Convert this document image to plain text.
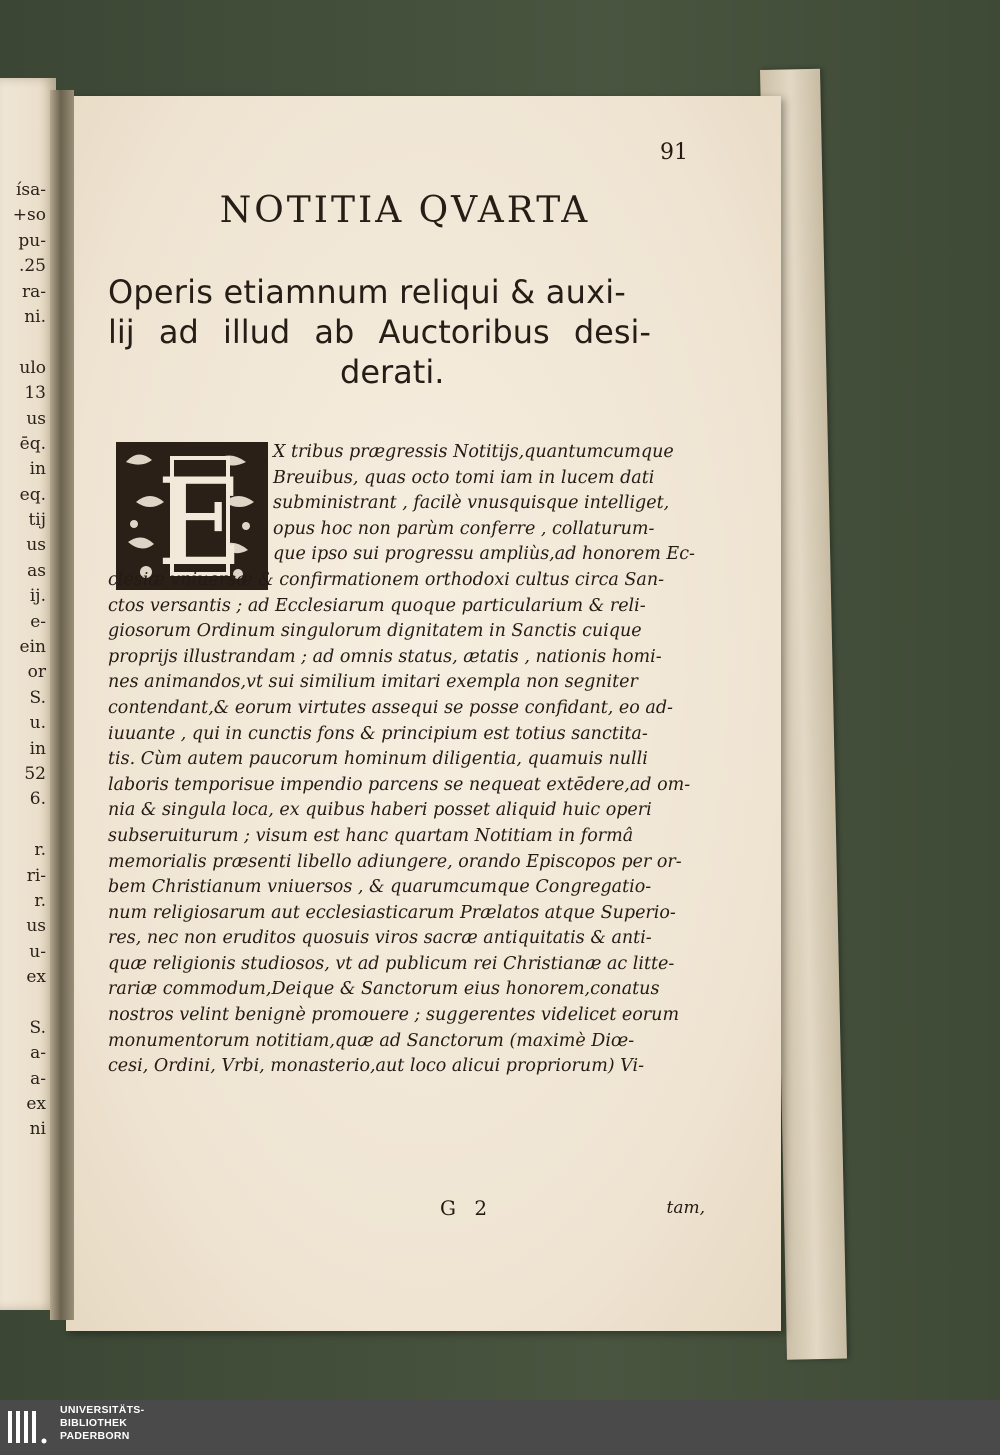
ísa-
+so
pu-
.25
ra-
ni.
ulo
13
us
ēq.
in
eq.
tij
us
as
ij.
e-
ein
or
S.
u.
in
52
6.
r.
ri-
r.
us
u-
ex
S.
a-
a-
ex
ni
91
NOTITIA QVARTA
Operis etiamnum reliqui & auxi-
lij ad illud ab Auctoribus desi-
derati.
E
X tribus prægressis Notitijs,quantumcumque
Breuibus, quas octo tomi iam in lucem dati
subministrant , facilè vnusquisque intelliget,
opus hoc non parùm conferre , collaturum-
que ipso sui progressu ampliùs,ad honorem Ec-
clesiæ vniuersæ & confirmationem orthodoxi cultus circa San-
ctos versantis ; ad Ecclesiarum quoque particularium & reli-
giosorum Ordinum singulorum dignitatem in Sanctis cuique
proprijs illustrandam ; ad omnis status, ætatis , nationis homi-
nes animandos,vt sui similium imitari exempla non segniter
contendant,& eorum virtutes assequi se posse confidant, eo ad-
iuuante , qui in cunctis fons & principium est totius sanctita-
tis. Cùm autem paucorum hominum diligentia, quamuis nulli
laboris temporisue impendio parcens se nequeat extēdere,ad om-
nia & singula loca, ex quibus haberi posset aliquid huic operi
subseruiturum ; visum est hanc quartam Notitiam in formâ
memorialis præsenti libello adiungere, orando Episcopos per or-
bem Christianum vniuersos , & quarumcumque Congregatio-
num religiosarum aut ecclesiasticarum Prælatos atque Superio-
res, nec non eruditos quosuis viros sacræ antiquitatis & anti-
quæ religionis studiosos, vt ad publicum rei Christianæ ac litte-
rariæ commodum,Deique & Sanctorum eius honorem,conatus
nostros velint benignè promouere ; suggerentes videlicet eorum
monumentorum notitiam,quæ ad Sanctorum (maximè Diœ-
cesi, Ordini, Vrbi, monasterio,aut loco alicui propriorum) Vi-
G 2	tam,
UNIVERSITÄTS-
BIBLIOTHEK
PADERBORN
